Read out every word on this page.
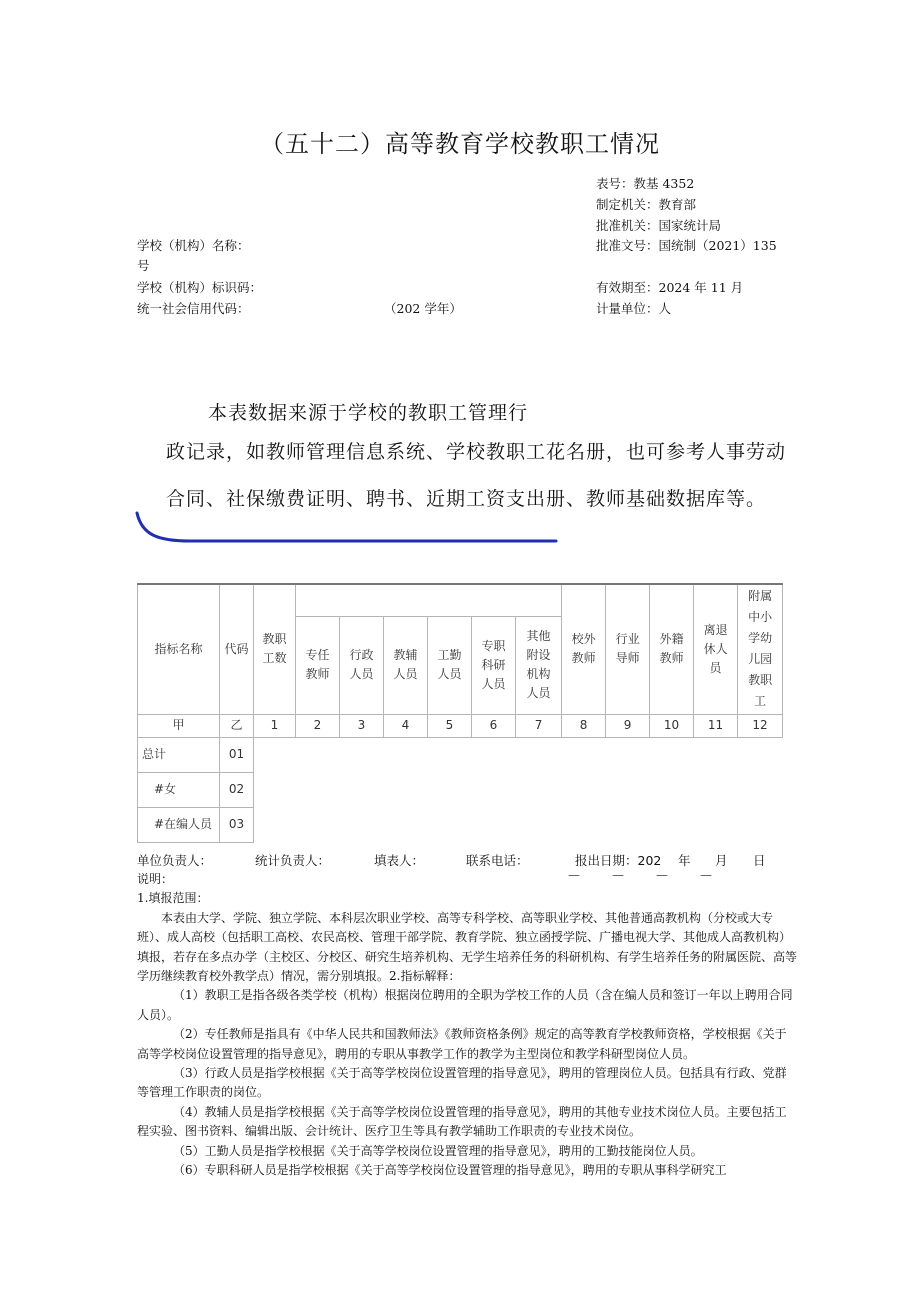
（五十二）高等教育学校教职工情况
表号：教基 4352
制定机关：教育部
批准机关：国家统计局
学校（机构）名称：	批准文号：国统制（2021）135
号
学校（机构）标识码：	有效期至：2024 年 11 月
统一社会信用代码：	（202 学年）	计量单位：人
本表数据来源于学校的教职工管理行
政记录，如教师管理信息系统、学校教职工花名册，也可参考人事劳动
合同、社保缴费证明、聘书、近期工资支出册、教师基础数据库等。
指标名称	代码	教职工数							校外教师	行业导师	外籍教师	离退休人员	附属中小学幼儿园教职工
			专任教师	行政人员	教辅人员	工勤人员	专职科研人员	其他附设机构人员					
甲	乙	1	2	3	4	5	6	7	8	9	10	11	12
总计	01	— — — —											

#女	02												
#在编人员	03												
单位负责人：	统计负责人：	填表人：	联系电话：	报出日期：202 年 月 日

说明：

1.填报范围：

本表由大学、学院、独立学院、本科层次职业学校、高等专科学校、高等职业学校、其他普通高教机构（分校或大专班）、成人高校（包括职工高校、农民高校、管理干部学院、教育学院、独立函授学院、广播电视大学、其他成人高教机构）填报，若存在多点办学（主校区、分校区、研究生培养机构、无学生培养任务的科研机构、有学生培养任务的附属医院、高等学历继续教育校外教学点）情况，需分别填报。2.指标解释：

（1）教职工是指各级各类学校（机构）根据岗位聘用的全职为学校工作的人员（含在编人员和签订一年以上聘用合同人员）。

（2）专任教师是指具有《中华人民共和国教师法》《教师资格条例》规定的高等教育学校教师资格，学校根据《关于高等学校岗位设置管理的指导意见》，聘用的专职从事教学工作的教学为主型岗位和教学科研型岗位人员。

（3）行政人员是指学校根据《关于高等学校岗位设置管理的指导意见》，聘用的管理岗位人员。包括具有行政、党群等管理工作职责的岗位。

（4）教辅人员是指学校根据《关于高等学校岗位设置管理的指导意见》，聘用的其他专业技术岗位人员。主要包括工程实验、图书资料、编辑出版、会计统计、医疗卫生等具有教学辅助工作职责的专业技术岗位。

（5）工勤人员是指学校根据《关于高等学校岗位设置管理的指导意见》，聘用的工勤技能岗位人员。

（6）专职科研人员是指学校根据《关于高等学校岗位设置管理的指导意见》，聘用的专职从事科学研究工
